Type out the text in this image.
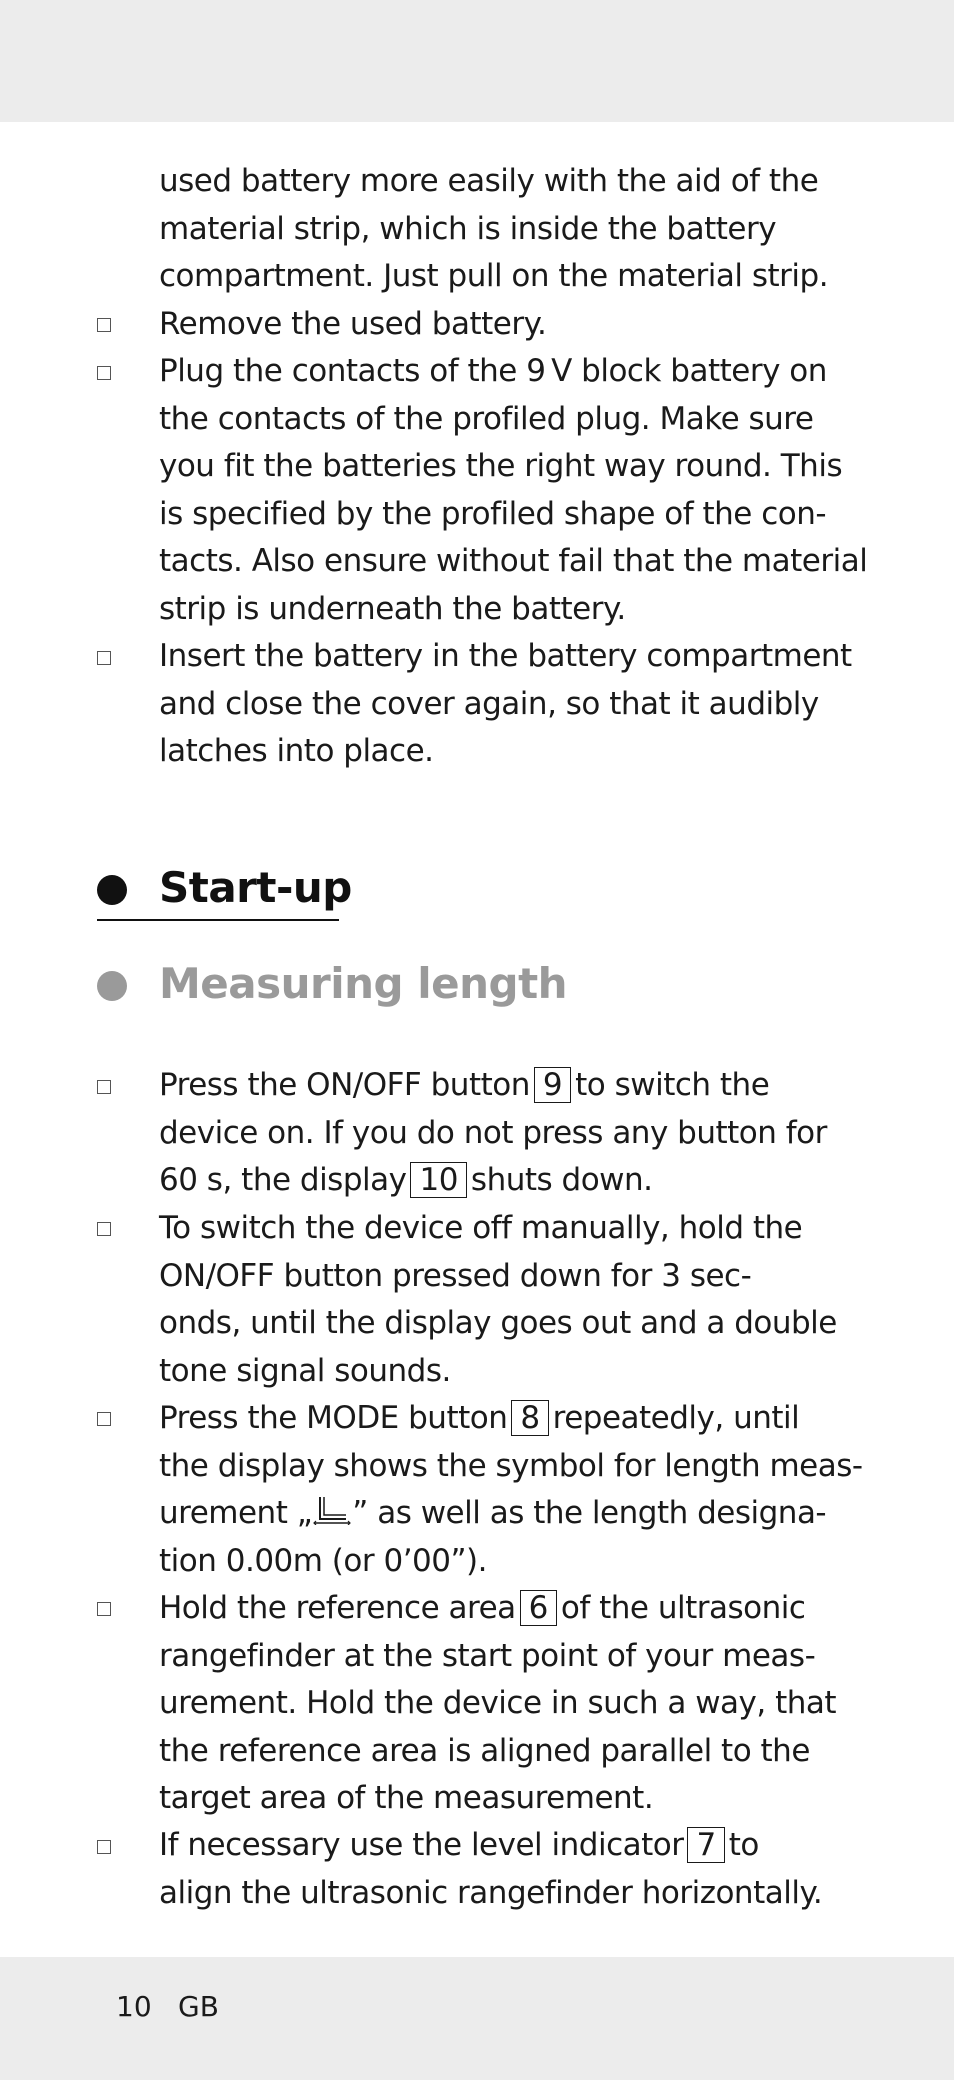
used battery more easily with the aid of the
material strip, which is inside the battery
compartment. Just pull on the material strip.
Remove the used battery.
Plug the contacts of the 9 V block battery on
the contacts of the profiled plug. Make sure
you fit the batteries the right way round. This
is specified by the profiled shape of the con-
tacts. Also ensure without fail that the material
strip is underneath the battery.
Insert the battery in the battery compartment
and close the cover again, so that it audibly
latches into place.
Start-up
Measuring length
Press the ON/OFF button 9 to switch the
device on. If you do not press any button for
60 s, the display 10 shuts down.
To switch the device off manually, hold the
ON/OFF button pressed down for 3 sec-
onds, until the display goes out and a double
tone signal sounds.
Press the MODE button 8 repeatedly, until
the display shows the symbol for length meas-
urement „ ” as well as the length designa-
tion 0.00m (or 0’00”).
Hold the reference area 6 of the ultrasonic
rangefinder at the start point of your meas-
urement. Hold the device in such a way, that
the reference area is aligned parallel to the
target area of the measurement.
If necessary use the level indicator 7 to
align the ultrasonic rangefinder horizontally.
10 GB
